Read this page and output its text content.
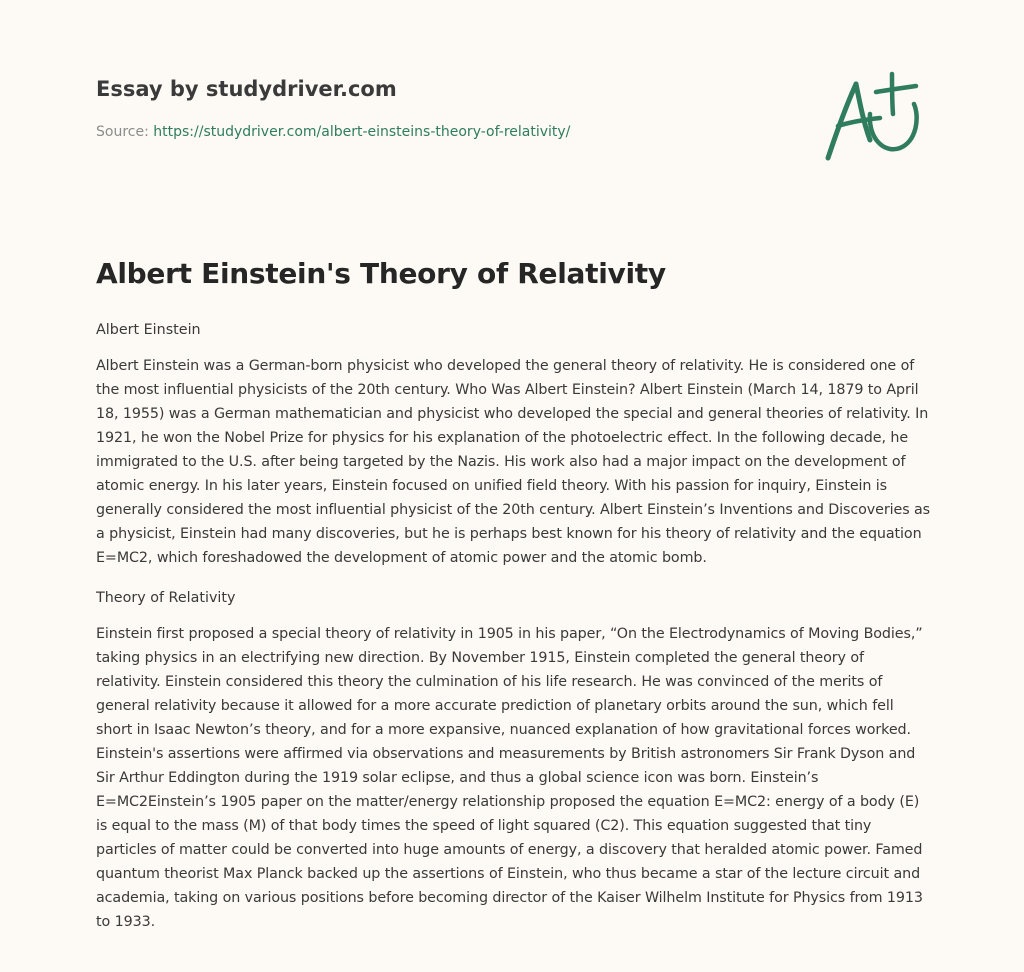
Essay by studydriver.com
Source: https://studydriver.com/albert-einsteins-theory-of-relativity/
Albert Einstein's Theory of Relativity
Albert Einstein
Albert Einstein was a German-born physicist who developed the general theory of relativity. He is considered one of the most influential physicists of the 20th century. Who Was Albert Einstein? Albert Einstein (March 14, 1879 to April 18, 1955) was a German mathematician and physicist who developed the special and general theories of relativity. In 1921, he won the Nobel Prize for physics for his explanation of the photoelectric effect. In the following decade, he immigrated to the U.S. after being targeted by the Nazis. His work also had a major impact on the development of atomic energy. In his later years, Einstein focused on unified field theory. With his passion for inquiry, Einstein is generally considered the most influential physicist of the 20th century. Albert Einstein’s Inventions and Discoveries as a physicist, Einstein had many discoveries, but he is perhaps best known for his theory of relativity and the equation E=MC2, which foreshadowed the development of atomic power and the atomic bomb.
Theory of Relativity
Einstein first proposed a special theory of relativity in 1905 in his paper, “On the Electrodynamics of Moving Bodies,” taking physics in an electrifying new direction. By November 1915, Einstein completed the general theory of relativity. Einstein considered this theory the culmination of his life research. He was convinced of the merits of general relativity because it allowed for a more accurate prediction of planetary orbits around the sun, which fell short in Isaac Newton’s theory, and for a more expansive, nuanced explanation of how gravitational forces worked. Einstein's assertions were affirmed via observations and measurements by British astronomers Sir Frank Dyson and Sir Arthur Eddington during the 1919 solar eclipse, and thus a global science icon was born. Einstein’s E=MC2Einstein’s 1905 paper on the matter/energy relationship proposed the equation E=MC2: energy of a body (E) is equal to the mass (M) of that body times the speed of light squared (C2). This equation suggested that tiny particles of matter could be converted into huge amounts of energy, a discovery that heralded atomic power. Famed quantum theorist Max Planck backed up the assertions of Einstein, who thus became a star of the lecture circuit and academia, taking on various positions before becoming director of the Kaiser Wilhelm Institute for Physics from 1913 to 1933.
